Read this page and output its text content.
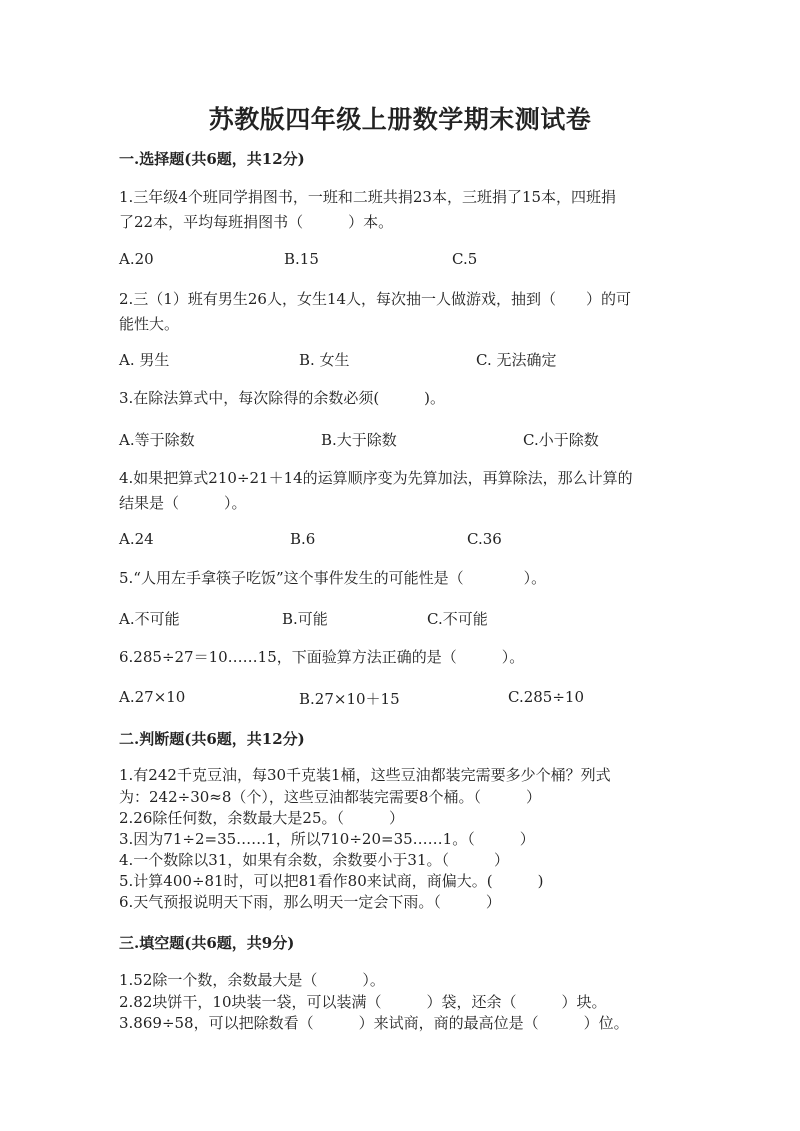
苏教版四年级上册数学期末测试卷
一.选择题(共6题，共12分)
1.三年级4个班同学捐图书，一班和二班共捐23本，三班捐了15本，四班捐
了22本，平均每班捐图书（　　　）本。
A.20	B.15	C.5
2.三（1）班有男生26人，女生14人，每次抽一人做游戏，抽到（　　）的可
能性大。
A. 男生	B. 女生	C. 无法确定
3.在除法算式中，每次除得的余数必须(　　　)。
A.等于除数	B.大于除数	C.小于除数
4.如果把算式210÷21＋14的运算顺序变为先算加法，再算除法，那么计算的
结果是（　　　）。
A.24	B.6	C.36
5.“人用左手拿筷子吃饭”这个事件发生的可能性是（　　　　）。
A.不可能	B.可能	C.不可能
6.285÷27＝10……15，下面验算方法正确的是（　　　）。
A.27×10	B.27×10＋15	C.285÷10
二.判断题(共6题，共12分)
1.有242千克豆油，每30千克装1桶，这些豆油都装完需要多少个桶？列式
为：242÷30≈8（个），这些豆油都装完需要8个桶。（　　　）
2.26除任何数，余数最大是25。（　　　）
3.因为71÷2=35……1，所以710÷20=35……1。（　　　）
4.一个数除以31，如果有余数，余数要小于31。（　　　）
5.计算400÷81时，可以把81看作80来试商，商偏大。(　　　)
6.天气预报说明天下雨，那么明天一定会下雨。（　　　）
三.填空题(共6题，共9分)
1.52除一个数，余数最大是（　　　）。
2.82块饼干，10块装一袋，可以装满（　　　）袋，还余（　　　）块。
3.869÷58，可以把除数看（　　　）来试商，商的最高位是（　　　）位。
